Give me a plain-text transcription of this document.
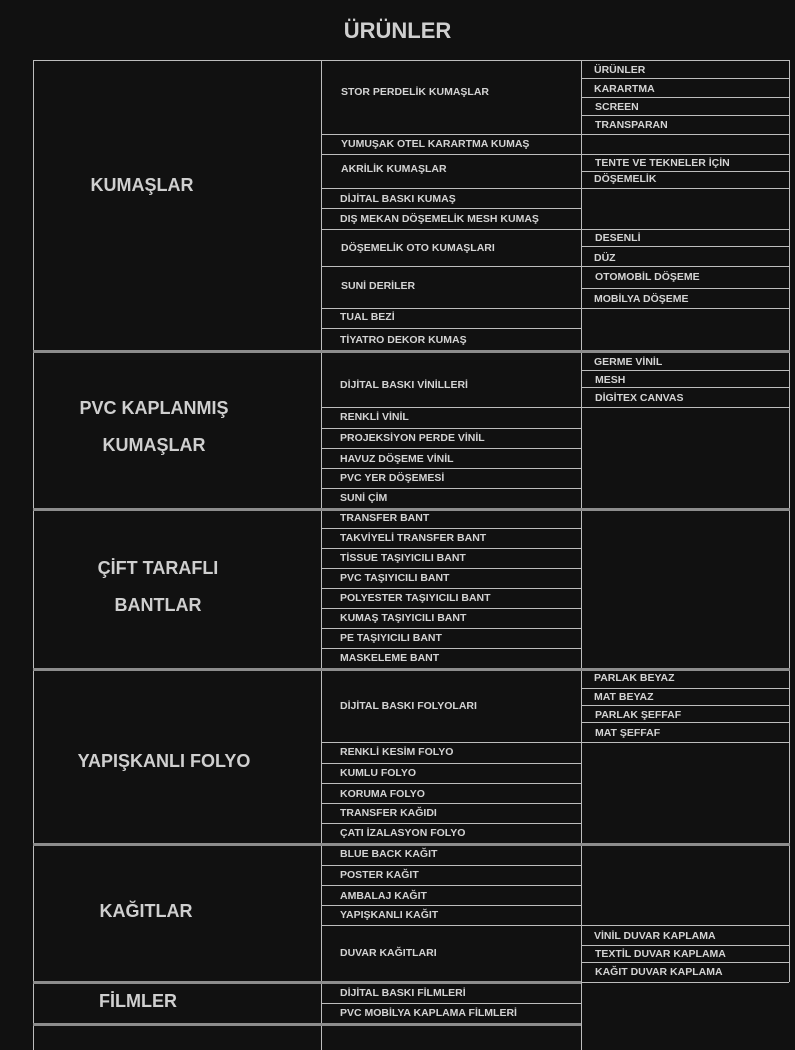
ÜRÜNLER
KUMAŞLAR
PVC KAPLANMIŞ
KUMAŞLAR
ÇİFT TARAFLI
BANTLAR
YAPIŞKANLI FOLYO
KAĞITLAR
FİLMLER
STOR PERDELİK KUMAŞLAR
YUMUŞAK OTEL KARARTMA KUMAŞ
AKRİLİK KUMAŞLAR
DİJİTAL BASKI KUMAŞ
DIŞ MEKAN DÖŞEMELİK MESH KUMAŞ
DÖŞEMELİK OTO KUMAŞLARI
SUNİ DERİLER
TUAL BEZİ
TİYATRO DEKOR KUMAŞ
DİJİTAL BASKI VİNİLLERİ
RENKLİ VİNİL
PROJEKSİYON PERDE VİNİL
HAVUZ DÖŞEME VİNİL
PVC YER DÖŞEMESİ
SUNİ ÇİM
TRANSFER BANT
TAKVİYELİ TRANSFER BANT
TİSSUE TAŞIYICILI BANT
PVC TAŞIYICILI BANT
POLYESTER TAŞIYICILI BANT
KUMAŞ TAŞIYICILI BANT
PE TAŞIYICILI BANT
MASKELEME BANT
DİJİTAL BASKI FOLYOLARI
RENKLİ KESİM FOLYO
KUMLU FOLYO
KORUMA FOLYO
TRANSFER KAĞIDI
ÇATI İZALASYON FOLYO
BLUE BACK KAĞIT
POSTER KAĞIT
AMBALAJ KAĞIT
YAPIŞKANLI KAĞIT
DUVAR KAĞITLARI
DİJİTAL BASKI FİLMLERİ
PVC MOBİLYA KAPLAMA FİLMLERİ
ÜRÜNLER
KARARTMA
SCREEN
TRANSPARAN
TENTE VE TEKNELER İÇİN
DÖŞEMELİK
DESENLİ
DÜZ
OTOMOBİL DÖŞEME
MOBİLYA DÖŞEME
GERME VİNİL
MESH
DİGİTEX CANVAS
PARLAK BEYAZ
MAT BEYAZ
PARLAK ŞEFFAF
MAT ŞEFFAF
VİNİL DUVAR KAPLAMA
TEXTİL DUVAR KAPLAMA
KAĞIT DUVAR KAPLAMA
